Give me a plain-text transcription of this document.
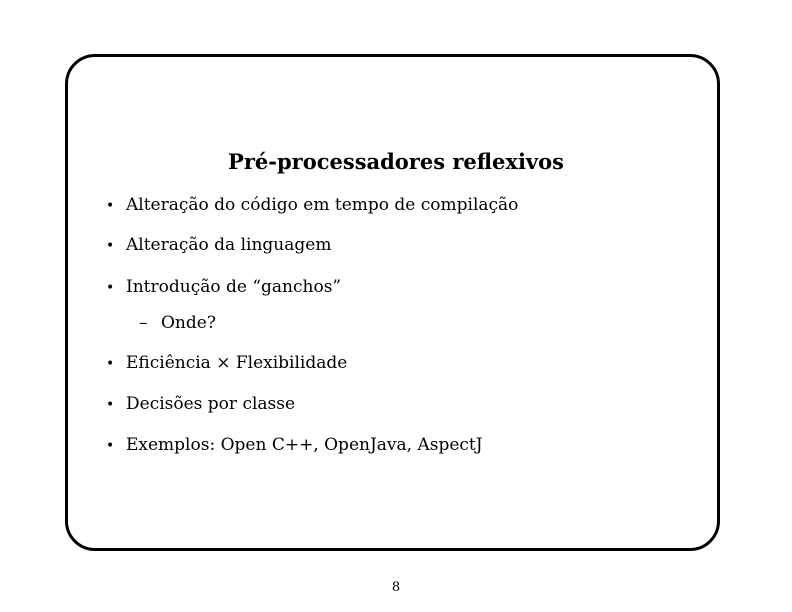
Pré-processadores reflexivos
• Alteração do código em tempo de compilação
• Alteração da linguagem
• Introdução de “ganchos”
– Onde?
• Eficiência × Flexibilidade
• Decisões por classe
• Exemplos: Open C++, OpenJava, AspectJ
8
